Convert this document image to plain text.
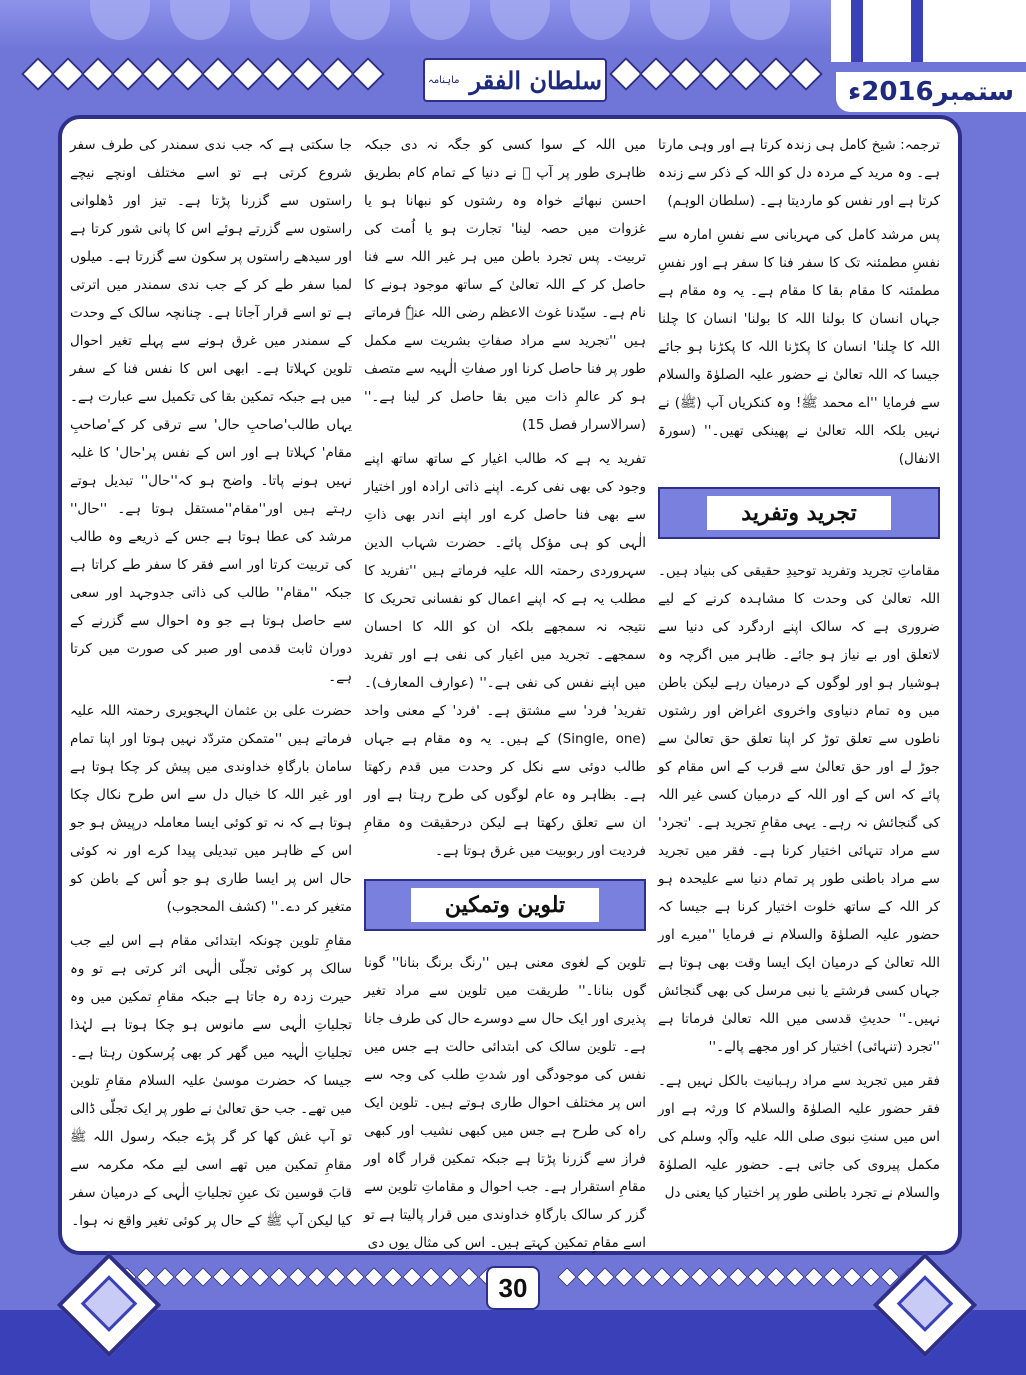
ماہنامہ سلطان الفقر	ستمبر2016ء

ترجمہ: شیخ کامل ہی زندہ کرتا ہے اور وہی مارتا ہے۔ وہ مرید کے مردہ دل کو اللہ کے ذکر سے زندہ کرتا ہے اور نفس کو ماردیتا ہے۔ (سلطان الوہم)

پس مرشد کامل کی مہربانی سے نفسِ امارہ سے نفسِ مطمئنہ تک کا سفر فنا کا سفر ہے اور نفسِ مطمئنہ کا مقام بقا کا مقام ہے۔ یہ وہ مقام ہے جہاں انسان کا بولنا اللہ کا بولنا' انسان کا چلنا اللہ کا چلنا' انسان کا پکڑنا اللہ کا پکڑنا ہو جائے جیسا کہ اللہ تعالیٰ نے حضور علیہ الصلوٰۃ والسلام سے فرمایا ''اے محمد ﷺ! وہ کنکریاں آپ (ﷺ) نے نہیں بلکہ اللہ تعالیٰ نے پھینکی تھیں۔'' (سورۃ الانفال)

تجرید وتفرید

مقاماتِ تجرید وتفرید توحیدِ حقیقی کی بنیاد ہیں۔ اللہ تعالیٰ کی وحدت کا مشاہدہ کرنے کے لیے ضروری ہے کہ سالک اپنے اردگرد کی دنیا سے لاتعلق اور بے نیاز ہو جائے۔ ظاہر میں اگرچہ وہ ہوشیار ہو اور لوگوں کے درمیان رہے لیکن باطن میں وہ تمام دنیاوی واخروی اغراض اور رشتوں ناطوں سے تعلق توڑ کر اپنا تعلق حق تعالیٰ سے جوڑ لے اور حق تعالیٰ سے قرب کے اس مقام کو پائے کہ اس کے اور اللہ کے درمیان کسی غیر اللہ کی گنجائش نہ رہے۔ یہی مقامِ تجرید ہے۔ 'تجرد' سے مراد تنہائی اختیار کرنا ہے۔ فقر میں تجرید سے مراد باطنی طور پر تمام دنیا سے علیحدہ ہو کر اللہ کے ساتھ خلوت اختیار کرنا ہے جیسا کہ حضور علیہ الصلوٰۃ والسلام نے فرمایا ''میرے اور اللہ تعالیٰ کے درمیان ایک ایسا وقت بھی ہوتا ہے جہاں کسی فرشتے یا نبی مرسل کی بھی گنجائش نہیں۔'' حدیثِ قدسی میں اللہ تعالیٰ فرماتا ہے ''تجرد (تنہائی) اختیار کر اور مجھے پالے۔''

فقر میں تجرید سے مراد رہبانیت بالکل نہیں ہے۔ فقر حضور علیہ الصلوٰۃ والسلام کا ورثہ ہے اور اس میں سنتِ نبوی صلی اللہ علیہ وآلہٖ وسلم کی مکمل پیروی کی جاتی ہے۔ حضور علیہ الصلوٰۃ والسلام نے تجرد باطنی طور پر اختیار کیا یعنی دل

میں اللہ کے سوا کسی کو جگہ نہ دی جبکہ ظاہری طور پر آپ ﷺ نے دنیا کے تمام کام بطریق احسن نبھائے خواہ وہ رشتوں کو نبھانا ہو یا غزوات میں حصہ لینا' تجارت ہو یا اُمت کی تربیت۔ پس تجرد باطن میں ہر غیر اللہ سے فنا حاصل کر کے اللہ تعالیٰ کے ساتھ موجود ہونے کا نام ہے۔ سیّدنا غوث الاعظم رضی اللہ عنہٗ فرماتے ہیں ''تجرید سے مراد صفاتِ بشریت سے مکمل طور پر فنا حاصل کرنا اور صفاتِ الٰہیہ سے متصف ہو کر عالمِ ذات میں بقا حاصل کر لینا ہے۔'' (سرالاسرار فصل 15)

تفرید یہ ہے کہ طالب اغیار کے ساتھ ساتھ اپنے وجود کی بھی نفی کرے۔ اپنے ذاتی ارادہ اور اختیار سے بھی فنا حاصل کرے اور اپنے اندر بھی ذاتِ الٰہی کو ہی مؤکل پائے۔ حضرت شہاب الدین سہروردی رحمتہ اللہ علیہ فرماتے ہیں ''تفرید کا مطلب یہ ہے کہ اپنے اعمال کو نفسانی تحریک کا نتیجہ نہ سمجھے بلکہ ان کو اللہ کا احسان سمجھے۔ تجرید میں اغیار کی نفی ہے اور تفرید میں اپنے نفس کی نفی ہے۔'' (عوارف المعارف)۔ تفرید' فرد' سے مشتق ہے۔ 'فرد' کے معنی واحد (Single, one) کے ہیں۔ یہ وہ مقام ہے جہاں طالب دوئی سے نکل کر وحدت میں قدم رکھتا ہے۔ بظاہر وہ عام لوگوں کی طرح رہتا ہے اور ان سے تعلق رکھتا ہے لیکن درحقیقت وہ مقامِ فردیت اور ربوبیت میں غرق ہوتا ہے۔

تلوین وتمکین

تلوین کے لغوی معنی ہیں ''رنگ برنگ بنانا'' گونا گوں بنانا۔'' طریقت میں تلوین سے مراد تغیر پذیری اور ایک حال سے دوسرے حال کی طرف جانا ہے۔ تلوین سالک کی ابتدائی حالت ہے جس میں نفس کی موجودگی اور شدتِ طلب کی وجہ سے اس پر مختلف احوال طاری ہوتے ہیں۔ تلوین ایک راہ کی طرح ہے جس میں کبھی نشیب اور کبھی فراز سے گزرنا پڑتا ہے جبکہ تمکین قرار گاہ اور مقامِ استقرار ہے۔ جب احوال و مقاماتِ تلوین سے گزر کر سالک بارگاہِ خداوندی میں قرار پالیتا ہے تو اسے مقامِ تمکین کہتے ہیں۔ اس کی مثال یوں دی

جا سکتی ہے کہ جب ندی سمندر کی طرف سفر شروع کرتی ہے تو اسے مختلف اونچے نیچے راستوں سے گزرنا پڑتا ہے۔ تیز اور ڈھلوانی راستوں سے گزرتے ہوئے اس کا پانی شور کرتا ہے اور سیدھے راستوں پر سکون سے گزرتا ہے۔ میلوں لمبا سفر طے کر کے جب ندی سمندر میں اترتی ہے تو اسے قرار آجاتا ہے۔ چنانچہ سالک کے وحدت کے سمندر میں غرق ہونے سے پہلے تغیر احوال تلوین کہلاتا ہے۔ ابھی اس کا نفس فنا کے سفر میں ہے جبکہ تمکین بقا کی تکمیل سے عبارت ہے۔ یہاں طالب'صاحبِ حال' سے ترقی کر کے'صاحبِ مقام' کہلاتا ہے اور اس کے نفس پر'حال' کا غلبہ نہیں ہونے پاتا۔ واضح ہو کہ''حال'' تبدیل ہوتے رہتے ہیں اور''مقام''مستقل ہوتا ہے۔ ''حال'' مرشد کی عطا ہوتا ہے جس کے ذریعے وہ طالب کی تربیت کرتا اور اسے فقر کا سفر طے کراتا ہے جبکہ ''مقام'' طالب کی ذاتی جدوجہد اور سعی سے حاصل ہوتا ہے جو وہ احوال سے گزرنے کے دوران ثابت قدمی اور صبر کی صورت میں کرتا ہے۔

حضرت علی بن عثمان الہجویری رحمتہ اللہ علیہ فرماتے ہیں ''متمکن متردّد نہیں ہوتا اور اپنا تمام سامان بارگاہِ خداوندی میں پیش کر چکا ہوتا ہے اور غیر اللہ کا خیال دل سے اس طرح نکال چکا ہوتا ہے کہ نہ تو کوئی ایسا معاملہ درپیش ہو جو اس کے ظاہر میں تبدیلی پیدا کرے اور نہ کوئی حال اس پر ایسا طاری ہو جو اُس کے باطن کو متغیر کر دے۔'' (کشف المحجوب)

مقامِ تلوین چونکہ ابتدائی مقام ہے اس لیے جب سالک پر کوئی تجلّی الٰہی اثر کرتی ہے تو وہ حیرت زدہ رہ جاتا ہے جبکہ مقامِ تمکین میں وہ تجلیاتِ الٰہی سے مانوس ہو چکا ہوتا ہے لہٰذا تجلیاتِ الٰہیہ میں گھر کر بھی پُرسکون رہتا ہے۔ جیسا کہ حضرت موسیٰ علیہ السلام مقامِ تلوین میں تھے۔ جب حق تعالیٰ نے طور پر ایک تجلّی ڈالی تو آپ غش کھا کر گر پڑے جبکہ رسول اللہ ﷺ مقامِ تمکین میں تھے اسی لیے مکہ مکرمہ سے قابَ قوسین تک عینِ تجلیاتِ الٰہی کے درمیان سفر کیا لیکن آپ ﷺ کے حال پر کوئی تغیر واقع نہ ہوا۔

30
